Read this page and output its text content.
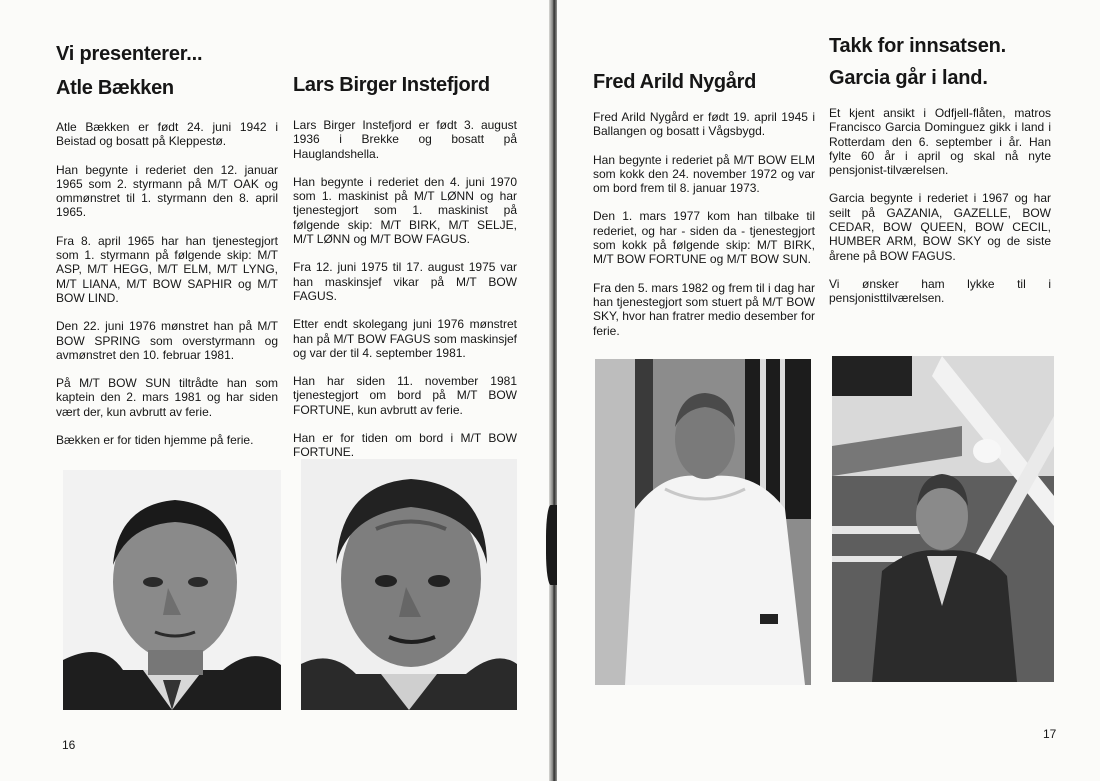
Vi presenterer...
Atle Bækken

Atle Bækken er født 24. juni 1942 i Beistad og bosatt på Kleppestø.

Han begynte i rederiet den 12. januar 1965 som 2. styrmann på M/T OAK og ommønstret til 1. styrmann den 8. april 1965.

Fra 8. april 1965 har han tjenestegjort som 1. styrmann på følgende skip: M/T ASP, M/T HEGG, M/T ELM, M/T LYNG, M/T LIANA, M/T BOW SAPHIR og M/T BOW LIND.

Den 22. juni 1976 mønstret han på M/T BOW SPRING som overstyrmann og avmønstret den 10. februar 1981.

På M/T BOW SUN tiltrådte han som kaptein den 2. mars 1981 og har siden vært der, kun avbrutt av ferie.

Bækken er for tiden hjemme på ferie.

Lars Birger Instefjord

Lars Birger Instefjord er født 3. august 1936 i Brekke og bosatt på Hauglandshella.

Han begynte i rederiet den 4. juni 1970 som 1. maskinist på M/T LØNN og har tjenestegjort som 1. maskinist på følgende skip: M/T BIRK, M/T SELJE, M/T LØNN og M/T BOW FAGUS.

Fra 12. juni 1975 til 17. august 1975 var han maskinsjef vikar på M/T BOW FAGUS.

Etter endt skolegang juni 1976 mønstret han på M/T BOW FAGUS som maskinsjef og var der til 4. september 1981.

Han har siden 11. november 1981 tjenestegjort om bord på M/T BOW FORTUNE, kun avbrutt av ferie.

Han er for tiden om bord i M/T BOW FORTUNE.

16
Fred Arild Nygård

Fred Arild Nygård er født 19. april 1945 i Ballangen og bosatt i Vågsbygd.

Han begynte i rederiet på M/T BOW ELM som kokk den 24. november 1972 og var om bord frem til 8. januar 1973.

Den 1. mars 1977 kom han tilbake til rederiet, og har - siden da - tjenestegjort som kokk på følgende skip: M/T BIRK, M/T BOW FORTUNE og M/T BOW SUN.

Fra den 5. mars 1982 og frem til i dag har han tjenestegjort som stuert på M/T BOW SKY, hvor han fratrer medio desember for ferie.

Takk for innsatsen.
Garcia går i land.

Et kjent ansikt i Odfjell-flåten, matros Francisco Garcia Dominguez gikk i land i Rotterdam den 6. september i år. Han fylte 60 år i april og skal nå nyte pensjonist-tilværelsen.

Garcia begynte i rederiet i 1967 og har seilt på GAZANIA, GAZELLE, BOW CEDAR, BOW QUEEN, BOW CECIL, HUMBER ARM, BOW SKY og de siste årene på BOW FAGUS.

Vi ønsker ham lykke til i pensjonisttilværelsen.

17
